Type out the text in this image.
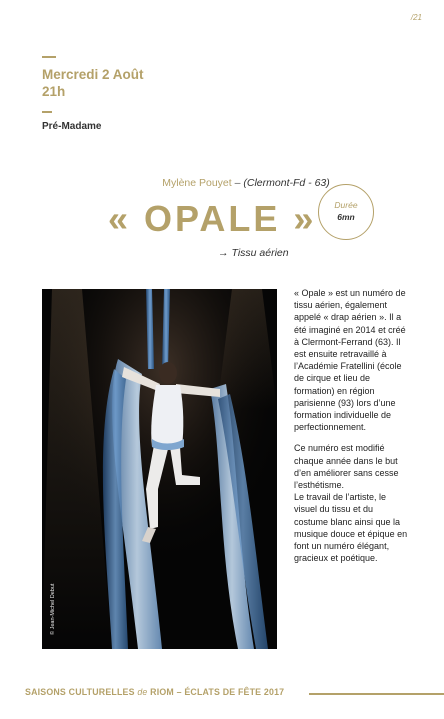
/21
Mercredi 2 Août
21h
Pré-Madame
Mylène Pouyet – (Clermont-Fd - 63)
« OPALE »	Durée
6mn
→ Tissu aérien
© Jean-Michel Debut

« Opale » est un numéro de tissu aérien, également appelé « drap aérien ». Il a été imaginé en 2014 et créé à Clermont-Ferrand (63). Il est ensuite retravaillé à l’Académie Fratellini (école de cirque et lieu de formation) en région parisienne (93) lors d’une formation individuelle de perfectionnement.

Ce numéro est modifié chaque année dans le but d’en améliorer sans cesse l’esthétisme.

Le travail de l’artiste, le visuel du tissu et du costume blanc ainsi que la musique douce et épique en font un numéro élégant, gracieux et poétique.

SAISONS CULTURELLES de RIOM – ÉCLATS DE FÊTE 2017
